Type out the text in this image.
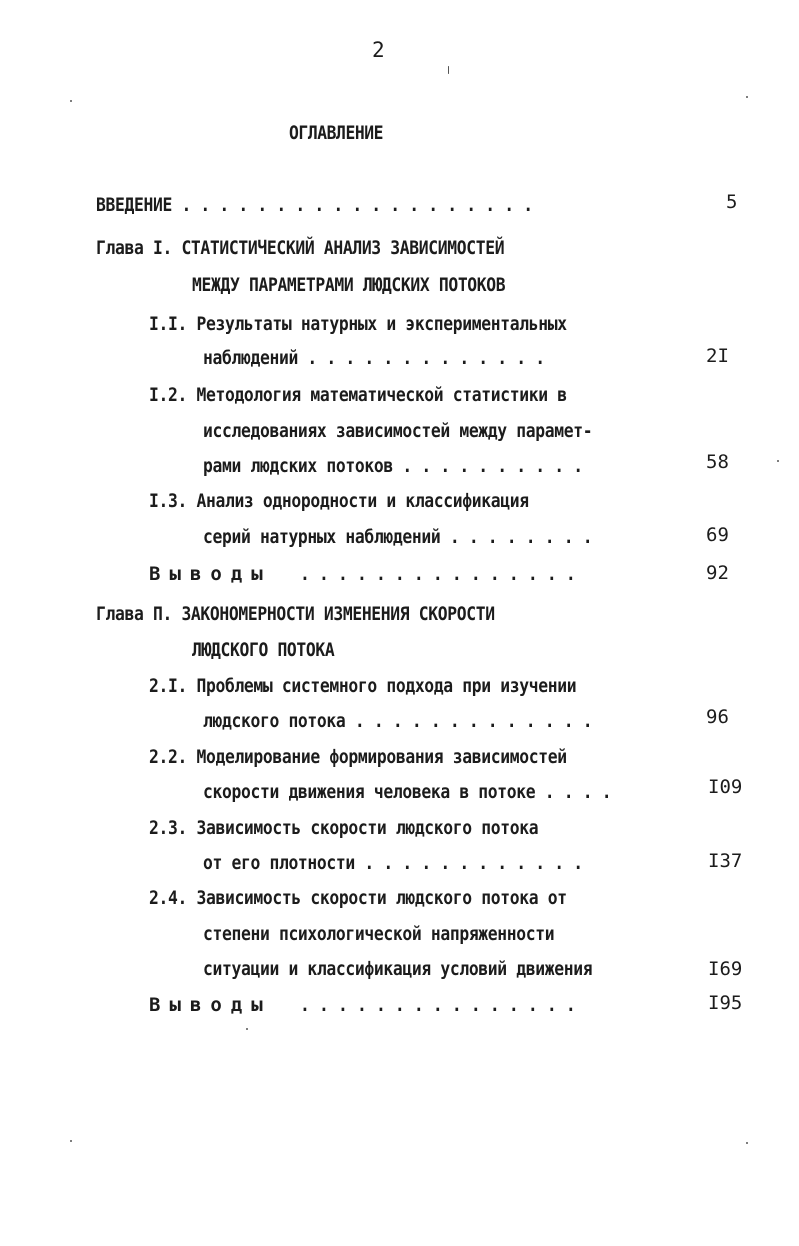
2
ОГЛАВЛЕНИЕ
ВВЕДЕНИЕ . . . . . . . . . . . . . . . . . . .	5
Глава I. СТАТИСТИЧЕСКИЙ АНАЛИЗ ЗАВИСИМОСТЕЙ
МЕЖДУ ПАРАМЕТРАМИ ЛЮДСКИХ ПОТОКОВ
I.I. Результаты натурных и экспериментальных
наблюдений . . . . . . . . . . . . .	2I
I.2. Методология математической статистики в
исследованиях зависимостей между парамет-
рами людских потоков . . . . . . . . . .	58
I.3. Анализ однородности и классификация
серий натурных наблюдений . . . . . . . .	69
Выводы . . . . . . . . . . . . . . .	92
Глава П. ЗАКОНОМЕРНОСТИ ИЗМЕНЕНИЯ СКОРОСТИ
ЛЮДСКОГО ПОТОКА
2.I. Проблемы системного подхода при изучении
людского потока . . . . . . . . . . . . .	96
2.2. Моделирование формирования зависимостей
скорости движения человека в потоке . . . .	I09
2.3. Зависимость скорости людского потока
от его плотности . . . . . . . . . . . .	I37
2.4. Зависимость скорости людского потока от
степени психологической напряженности
ситуации и классификация условий движения	I69
Выводы . . . . . . . . . . . . . . .	I95
